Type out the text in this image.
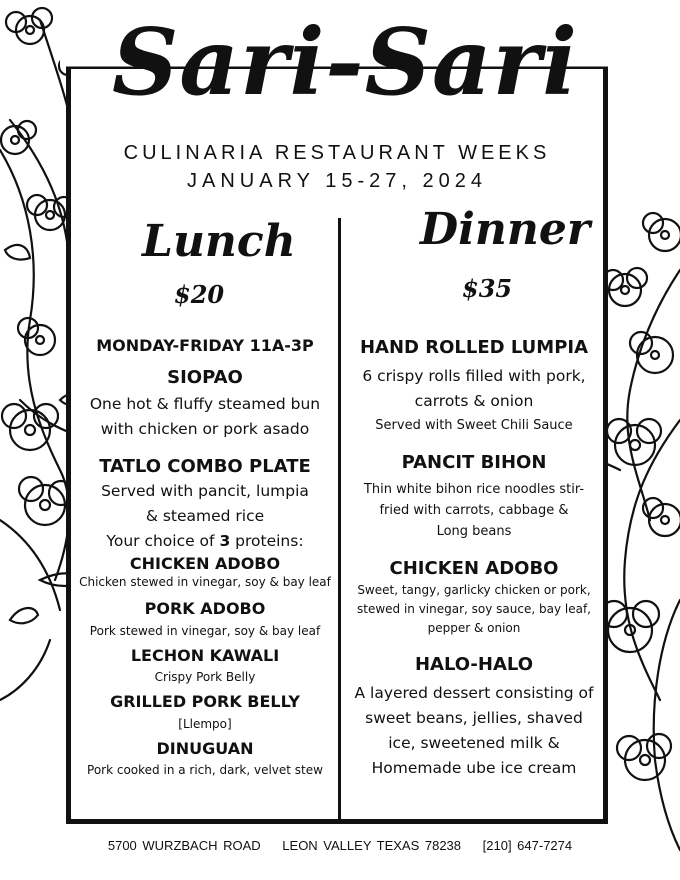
Sari-Sari
CULINARIA RESTAURANT WEEKS
JANUARY 15-27, 2024
Lunch
$20
MONDAY-FRIDAY 11A-3P
SIOPAO
One hot & fluffy steamed bun
with chicken or pork asado
TATLO COMBO PLATE
Served with pancit, lumpia
& steamed rice
Your choice of 3 proteins:
CHICKEN ADOBO
Chicken stewed in vinegar, soy & bay leaf
PORK ADOBO
Pork stewed in vinegar, soy & bay leaf
LECHON KAWALI
Crispy Pork Belly
GRILLED PORK BELLY
[Llempo]
DINUGUAN
Pork cooked in a rich, dark, velvet stew
Dinner
$35
HAND ROLLED LUMPIA
6 crispy rolls filled with pork,
carrots & onion
Served with Sweet Chili Sauce
PANCIT BIHON
Thin white bihon rice noodles stir-
fried with carrots, cabbage &
Long beans
CHICKEN ADOBO
Sweet, tangy, garlicky chicken or pork,
stewed in vinegar, soy sauce, bay leaf,
pepper & onion
HALO-HALO
A layered dessert consisting of
sweet beans, jellies, shaved
ice, sweetened milk &
Homemade ube ice cream
5700 WURZBACH ROAD LEON VALLEY TEXAS 78238 [210] 647-7274
